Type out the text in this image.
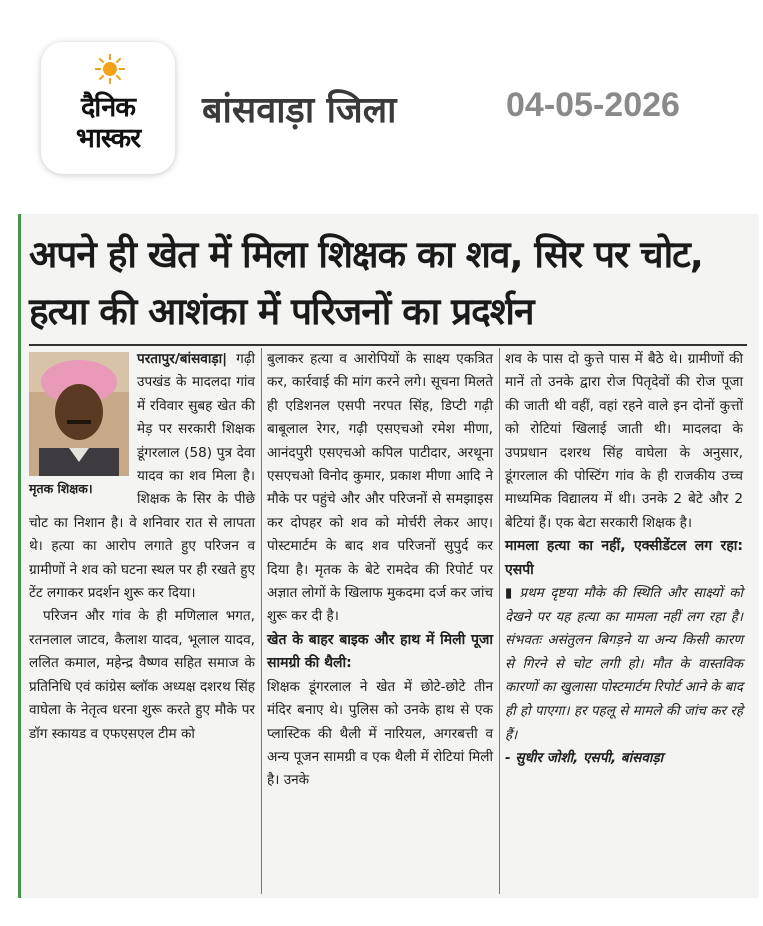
दैनिक भास्कर
बांसवाड़ा जिला	04-05-2026
अपने ही खेत में मिला शिक्षक का शव, सिर पर चोट, हत्या की आशंका में परिजनों का प्रदर्शन

परतापुर/बांसवाड़ा|
मृतक शिक्षक।
गढ़ी उपखंड के मादलदा गांव में रविवार सुबह खेत की मेड़ पर सरकारी शिक्षक डूंगरलाल (58) पुत्र देवा यादव का शव मिला है। शिक्षक के सिर के पीछे चोट का निशान है। वे शनिवार रात से लापता थे। हत्या का आरोप लगाते हुए परिजन व ग्रामीणों ने शव को घटना स्थल पर ही रखते हुए टेंट लगाकर प्रदर्शन शुरू कर दिया।

परिजन और गांव के ही मणिलाल भगत, रतनलाल जाटव, कैलाश यादव, भूलाल यादव, ललित कमाल, महेन्द्र वैष्णव सहित समाज के प्रतिनिधि एवं कांग्रेस ब्लॉक अध्यक्ष दशरथ सिंह वाघेला के नेतृत्व धरना शुरू करते हुए मौके पर डॉग स्कायड व एफएसएल टीम को

बुलाकर हत्या व आरोपियों के साक्ष्य एकत्रित कर, कार्रवाई की मांग करने लगे। सूचना मिलते ही एडिशनल एसपी नरपत सिंह, डिप्टी गढ़ी बाबूलाल रेगर, गढ़ी एसएचओ रमेश मीणा, आनंदपुरी एसएचओ कपिल पाटीदार, अरथूना एसएचओ विनोद कुमार, प्रकाश मीणा आदि ने मौके पर पहुंचे और और परिजनों से समझाइस कर दोपहर को शव को मोर्चरी लेकर आए। पोस्टमार्टम के बाद शव परिजनों सुपुर्द कर दिया है। मृतक के बेटे रामदेव की रिपोर्ट पर अज्ञात लोगों के खिलाफ मुकदमा दर्ज कर जांच शुरू कर दी है।

खेत के बाहर बाइक और हाथ में मिली पूजा सामग्री की थैली:

शिक्षक डूंगरलाल ने खेत में छोटे-छोटे तीन मंदिर बनाए थे। पुलिस को उनके हाथ से एक प्लास्टिक की थैली में नारियल, अगरबत्ती व अन्य पूजन सामग्री व एक थैली में रोटियां मिली है। उनके

शव के पास दो कुत्ते पास में बैठे थे। ग्रामीणों की मानें तो उनके द्वारा रोज पितृदेवों की रोज पूजा की जाती थी वहीं, वहां रहने वाले इन दोनों कुत्तों को रोटियां खिलाई जाती थी। मादलदा के उपप्रधान दशरथ सिंह वाघेला के अनुसार, डूंगरलाल की पोस्टिंग गांव के ही राजकीय उच्च माध्यमिक विद्यालय में थी। उनके 2 बेटे और 2 बेटियां हैं। एक बेटा सरकारी शिक्षक है।

मामला हत्या का नहीं, एक्सीडेंटल लग रहा: एसपी

▮ प्रथम दृष्टया मौके की स्थिति और साक्ष्यों को देखने पर यह हत्या का मामला नहीं लग रहा है। संभवतः असंतुलन बिगड़ने या अन्य किसी कारण से गिरने से चोट लगी हो। मौत के वास्तविक कारणों का खुलासा पोस्टमार्टम रिपोर्ट आने के बाद ही हो पाएगा। हर पहलू से मामले की जांच कर रहे हैं।

- सुधीर जोशी, एसपी, बांसवाड़ा
